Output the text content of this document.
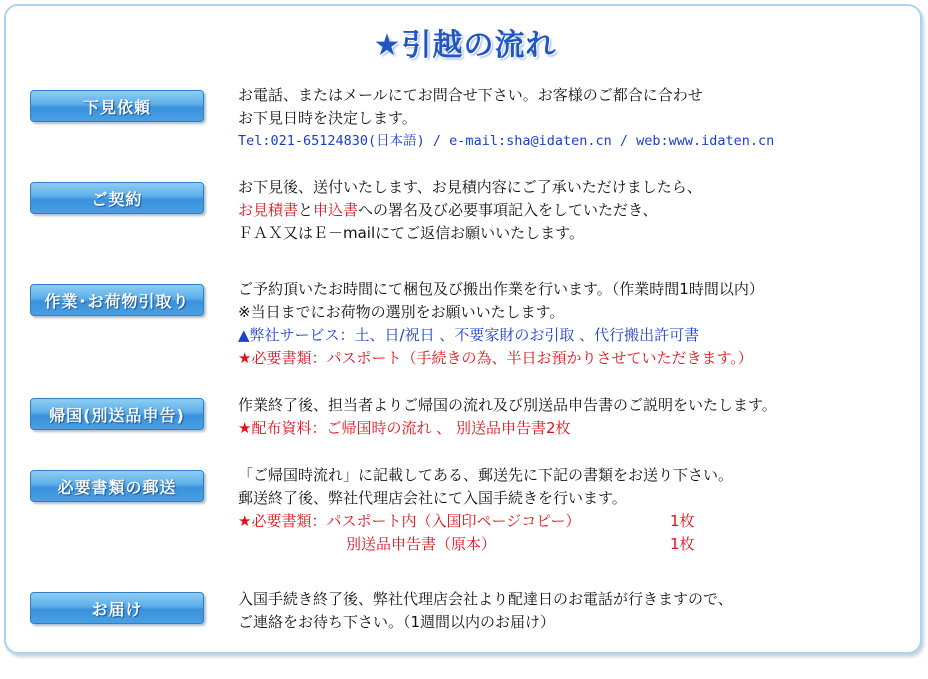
★引越の流れ
下見依頼
お電話、またはメールにてお問合せ下さい。お客様のご都合に合わせ
お下見日時を決定します。
Tel:021-65124830(日本語) / e-mail:sha@idaten.cn / web:www.idaten.cn
ご契約
お下見後、送付いたします、お見積内容にご了承いただけましたら、
お見積書と申込書への署名及び必要事項記入をしていただき、
ＦＡＸ又はＥ－mailにてご返信お願いいたします。
作業･お荷物引取り
ご予約頂いたお時間にて梱包及び搬出作業を行います。（作業時間1時間以内）
※当日までにお荷物の選別をお願いいたします。
▲弊社サービス：土、日/祝日 、不要家財のお引取 、代行搬出許可書
★必要書類：パスポート（手続きの為、半日お預かりさせていただきます。）
帰国(別送品申告)
作業終了後、担当者よりご帰国の流れ及び別送品申告書のご説明をいたします。
★配布資料：ご帰国時の流れ 、 別送品申告書2枚
必要書類の郵送
「ご帰国時流れ」に記載してある、郵送先に下記の書類をお送り下さい。
郵送終了後、弊社代理店会社にて入国手続きを行います。
★必要書類：パスポート内（入国印ページコピー）	1枚
別送品申告書（原本）	1枚
お届け
入国手続き終了後、弊社代理店会社より配達日のお電話が行きますので、
ご連絡をお待ち下さい。（1週間以内のお届け）
